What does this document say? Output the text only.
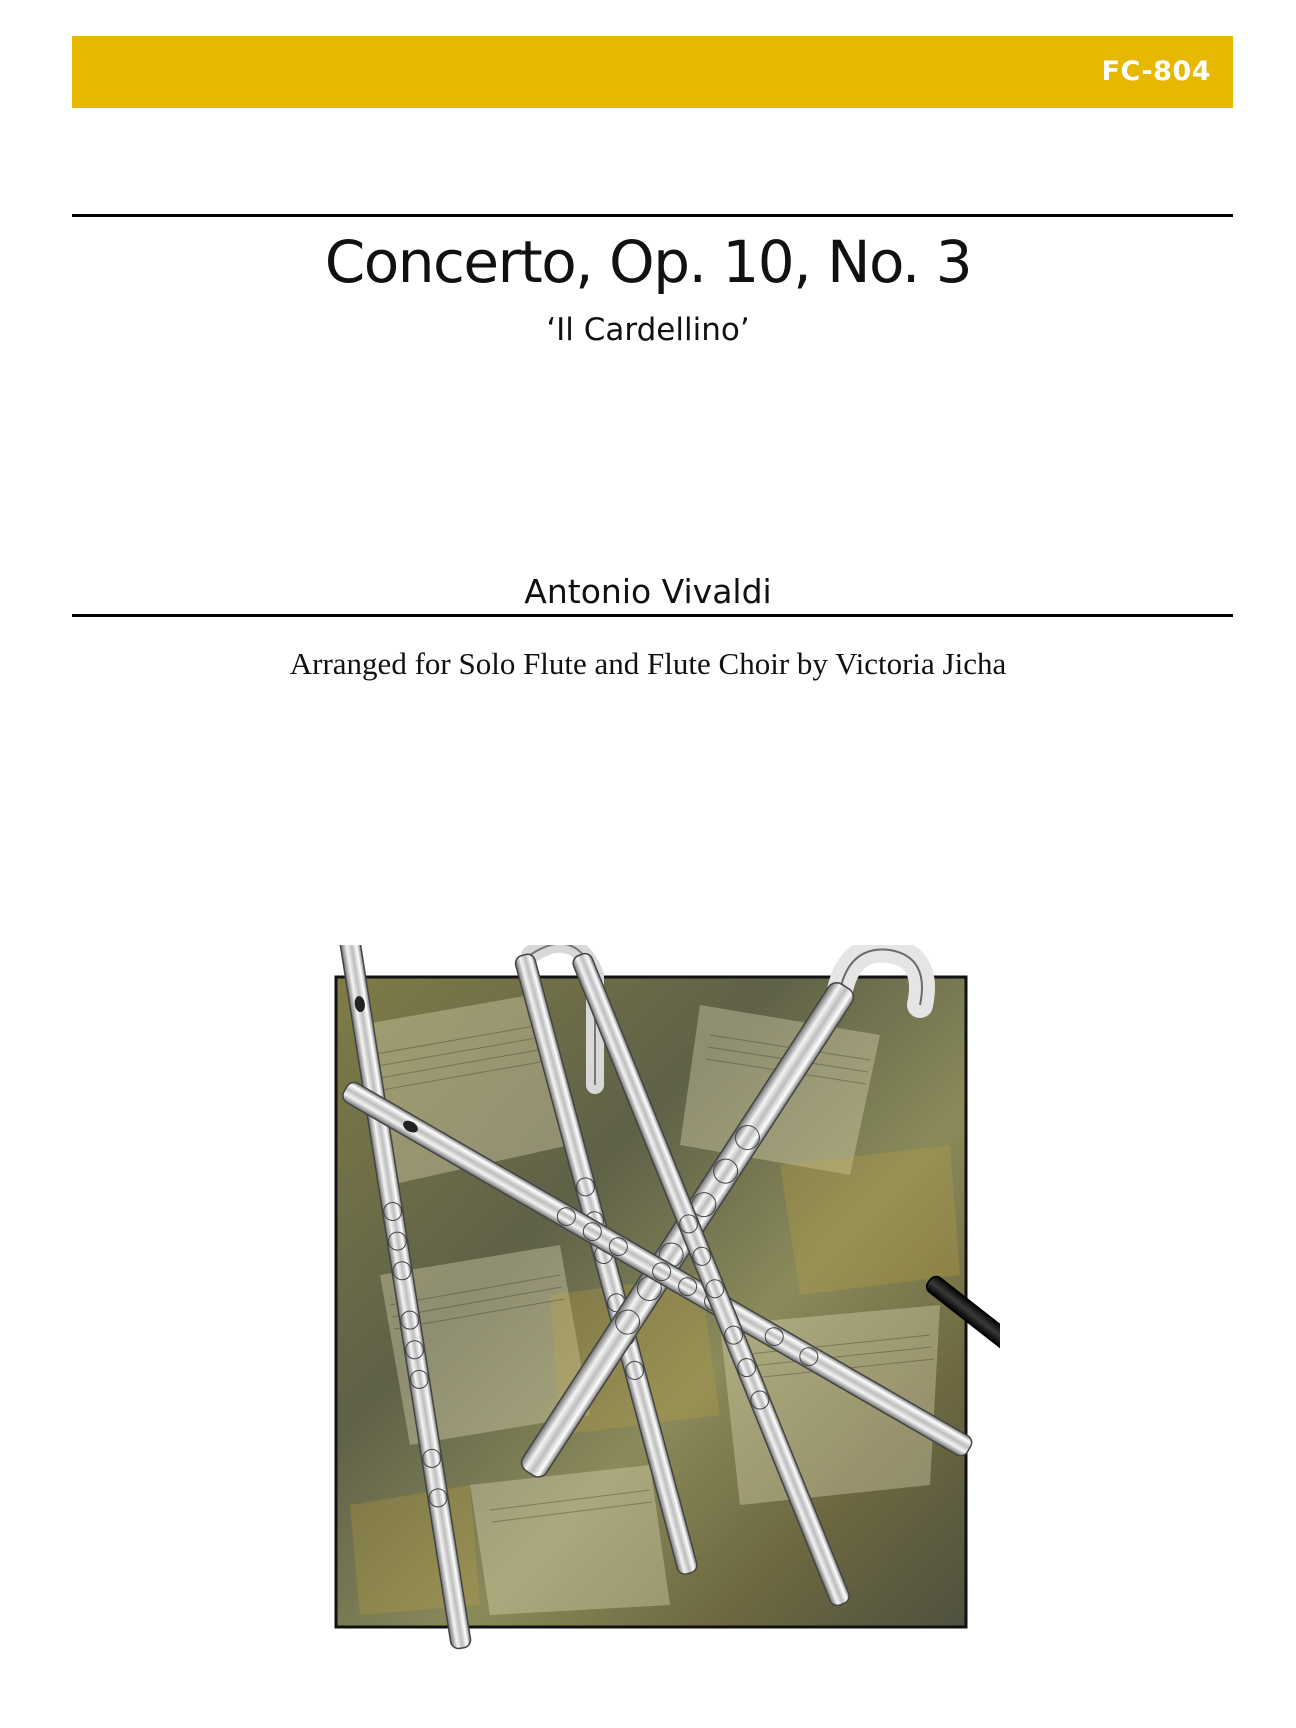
FC-804
Concerto, Op. 10, No. 3
‘Il Cardellino’
Antonio Vivaldi
Arranged for Solo Flute and Flute Choir by Victoria Jicha
